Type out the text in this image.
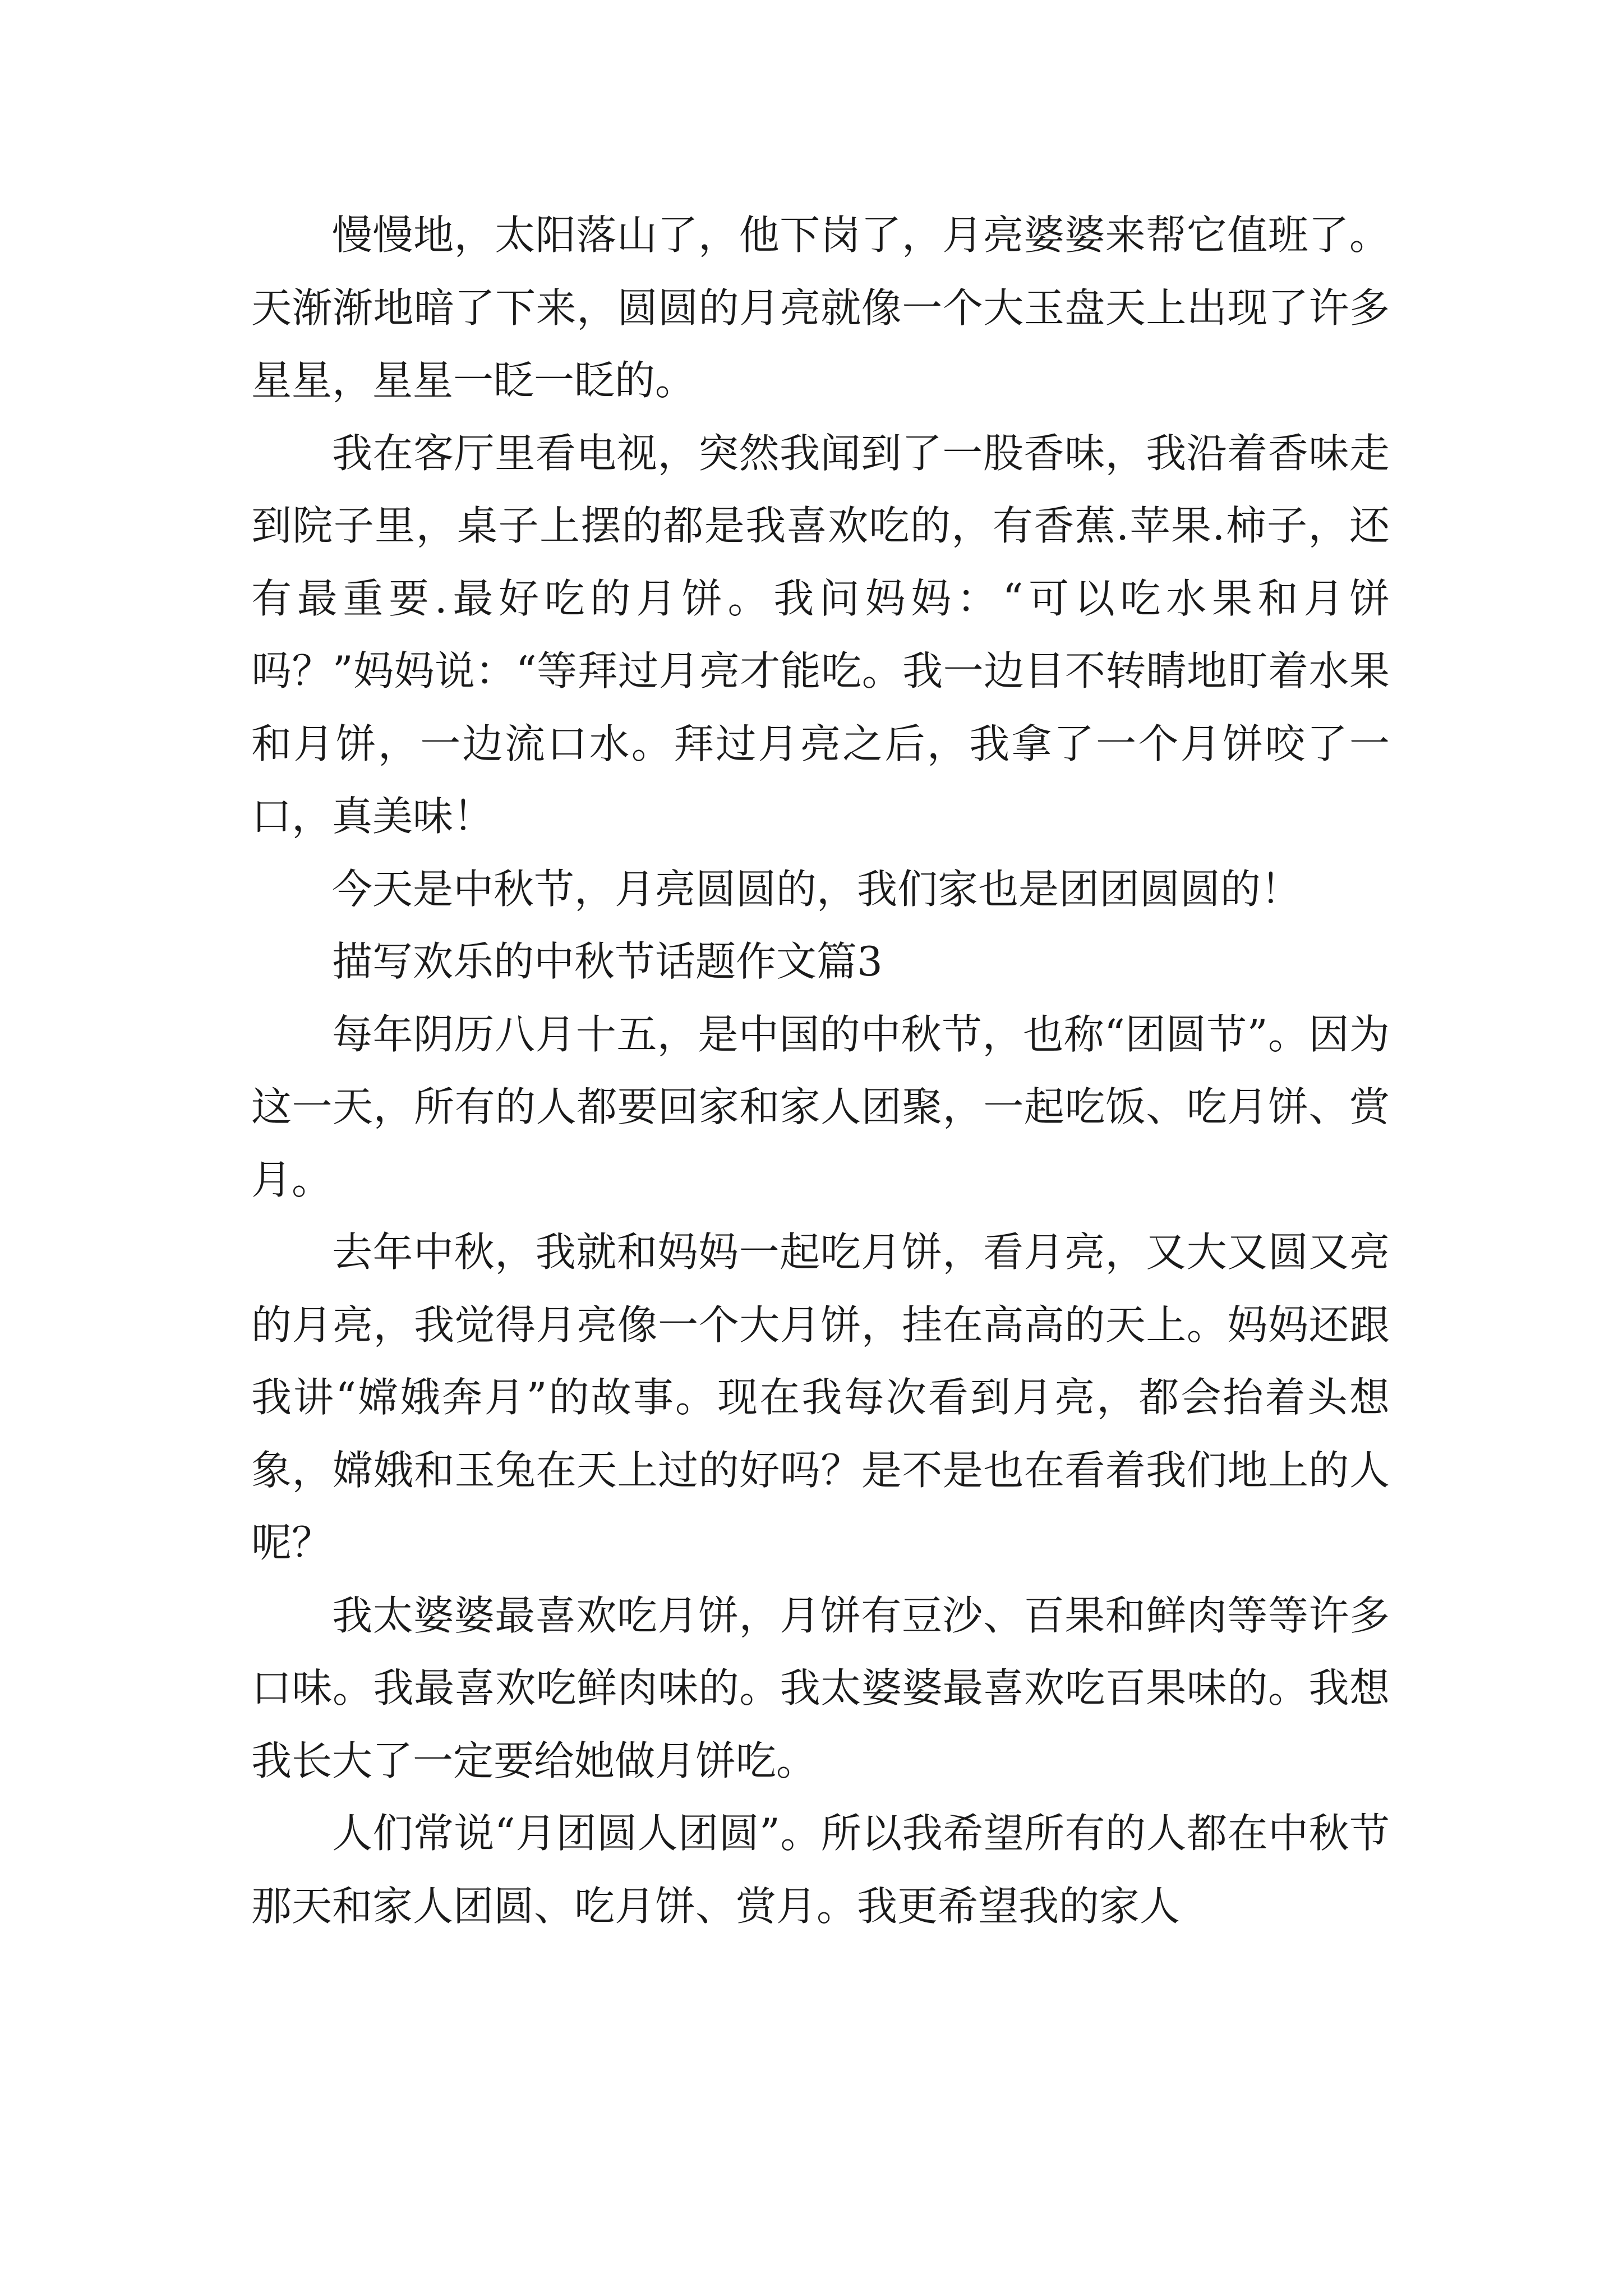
慢慢地，太阳落山了，他下岗了，月亮婆婆来帮它值班了。天渐渐地暗了下来，圆圆的月亮就像一个大玉盘天上出现了许多星星，星星一眨一眨的。

我在客厅里看电视，突然我闻到了一股香味，我沿着香味走到院子里，桌子上摆的都是我喜欢吃的，有香蕉.苹果.柿子，还有最重要.最好吃的月饼。我问妈妈：“可以吃水果和月饼吗？”妈妈说：“等拜过月亮才能吃。我一边目不转睛地盯着水果和月饼，一边流口水。拜过月亮之后，我拿了一个月饼咬了一口，真美味！

今天是中秋节，月亮圆圆的，我们家也是团团圆圆的！

描写欢乐的中秋节话题作文篇3

每年阴历八月十五，是中国的中秋节，也称“团圆节”。因为这一天，所有的人都要回家和家人团聚，一起吃饭、吃月饼、赏月。

去年中秋，我就和妈妈一起吃月饼，看月亮，又大又圆又亮的月亮，我觉得月亮像一个大月饼，挂在高高的天上。妈妈还跟我讲“嫦娥奔月”的故事。现在我每次看到月亮，都会抬着头想象，嫦娥和玉兔在天上过的好吗？是不是也在看着我们地上的人呢？

我太婆婆最喜欢吃月饼，月饼有豆沙、百果和鲜肉等等许多口味。我最喜欢吃鲜肉味的。我太婆婆最喜欢吃百果味的。我想我长大了一定要给她做月饼吃。

人们常说“月团圆人团圆”。所以我希望所有的人都在中秋节那天和家人团圆、吃月饼、赏月。我更希望我的家人
